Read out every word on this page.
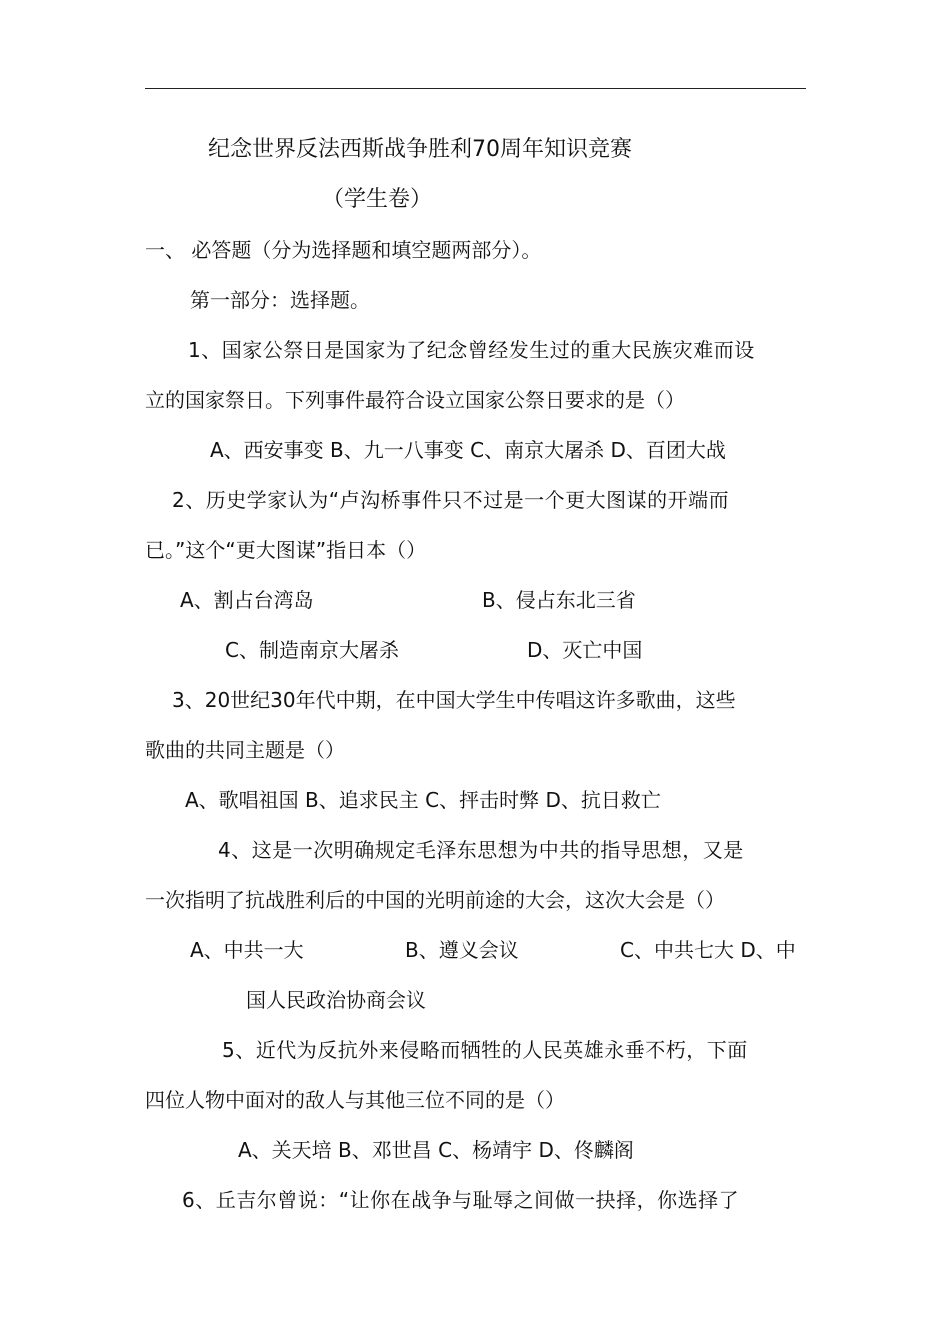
纪念世界反法西斯战争胜利70周年知识竞赛
（学生卷）
一、 必答题（分为选择题和填空题两部分）。
第一部分：选择题。
1、国家公祭日是国家为了纪念曾经发生过的重大民族灾难而设
立的国家祭日。下列事件最符合设立国家公祭日要求的是（）
A、西安事变 B、九一八事变 C、南京大屠杀 D、百团大战
2、历史学家认为“卢沟桥事件只不过是一个更大图谋的开端而
已。”这个“更大图谋”指日本（）
A、割占台湾岛	B、侵占东北三省
C、制造南京大屠杀	D、灭亡中国
3、20世纪30年代中期，在中国大学生中传唱这许多歌曲，这些
歌曲的共同主题是（）
A、歌唱祖国 B、追求民主 C、抨击时弊 D、抗日救亡
4、这是一次明确规定毛泽东思想为中共的指导思想，又是
一次指明了抗战胜利后的中国的光明前途的大会，这次大会是（）
A、中共一大	B、遵义会议	C、中共七大 D、中
国人民政治协商会议
5、近代为反抗外来侵略而牺牲的人民英雄永垂不朽，下面
四位人物中面对的敌人与其他三位不同的是（）
A、关天培 B、邓世昌 C、杨靖宇 D、佟麟阁
6、丘吉尔曾说：“让你在战争与耻辱之间做一抉择，你选择了
